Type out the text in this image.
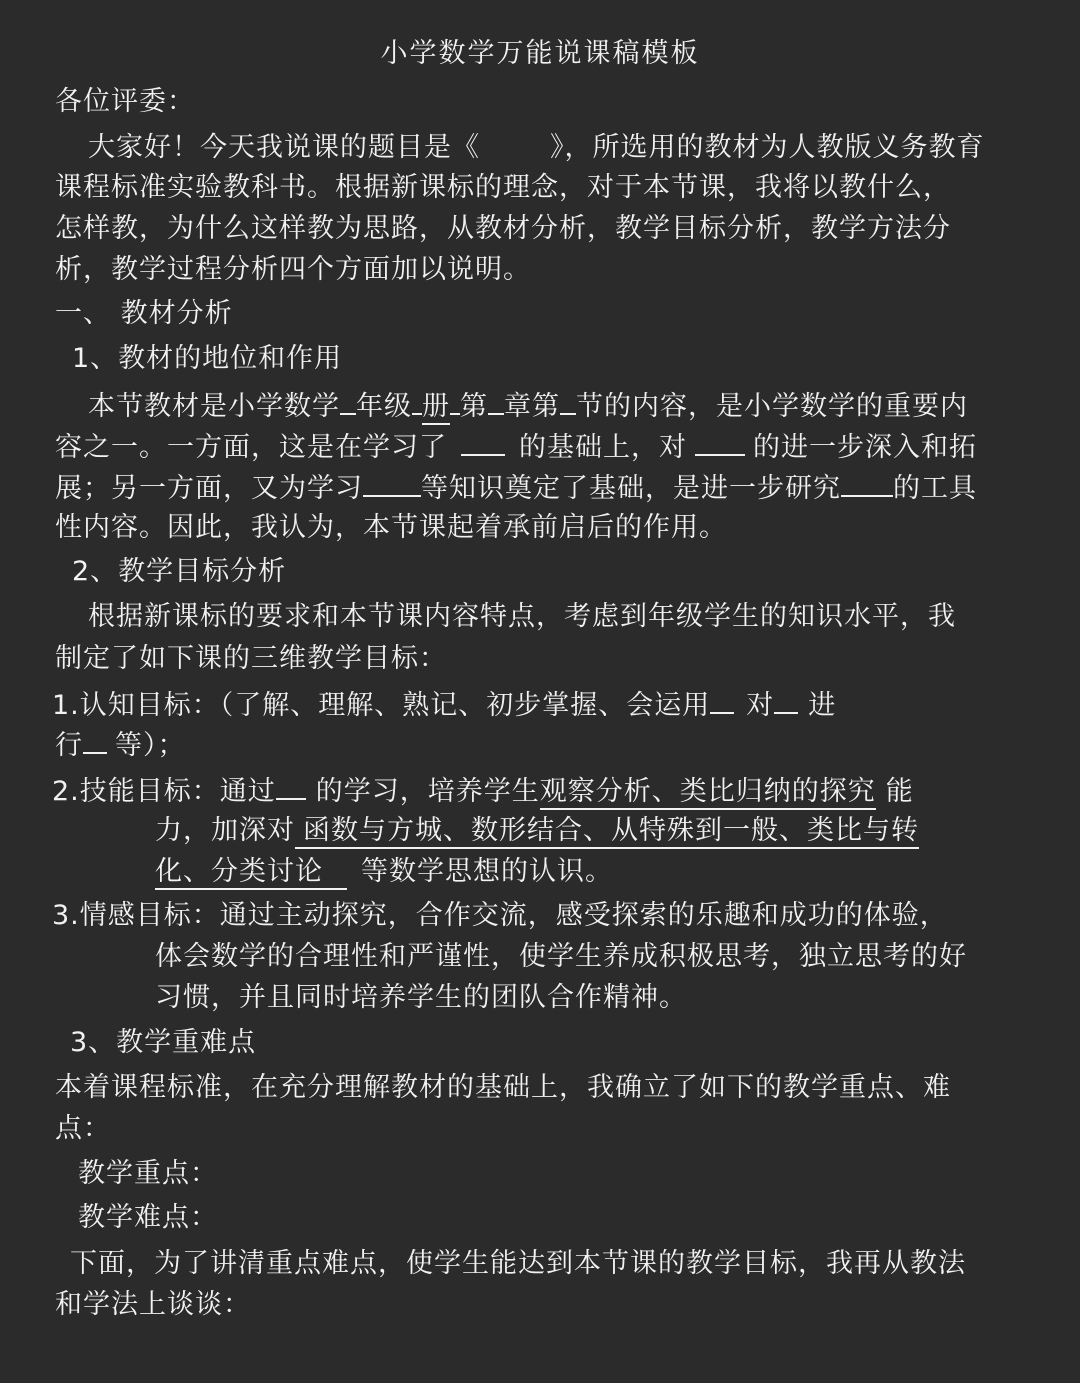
小学数学万能说课稿模板
各位评委：
大家好！今天我说课的题目是《	》，所选用的教材为人教版义务教育
课程标准实验教科书。根据新课标的理念，对于本节课，我将以教什么，
怎样教，为什么这样教为思路，从教材分析，教学目标分析，教学方法分
析，教学过程分析四个方面加以说明。
一、 教材分析
1、教材的地位和作用
本节教材是小学数学 年级 册 第 章第 节的内容，是小学数学的重要内
容之一。一方面，这是在学习了	的基础上，对 的进一步深入和拓
展；另一方面，又为学习 等知识奠定了基础，是进一步研究 的工具
性内容。因此，我认为，本节课起着承前启后的作用。
2、教学目标分析
根据新课标的要求和本节课内容特点，考虑到年级学生的知识水平，我
制定了如下课的三维教学目标：
1.认知目标：（了解、理解、熟记、初步掌握、会运用 对 进
行 等）；
2.技能目标：通过 的学习，培养学生观察分析、类比归纳的探究 能
力，加深对 函数与方城、数形结合、从特殊到一般、类比与转
化、分类讨论 等数学思想的认识。
3.情感目标：通过主动探究，合作交流，感受探索的乐趣和成功的体验，
体会数学的合理性和严谨性，使学生养成积极思考，独立思考的好
习惯，并且同时培养学生的团队合作精神。
3、教学重难点
本着课程标准，在充分理解教材的基础上，我确立了如下的教学重点、难
点：
教学重点：
教学难点：
下面，为了讲清重点难点，使学生能达到本节课的教学目标，我再从教法
和学法上谈谈：
